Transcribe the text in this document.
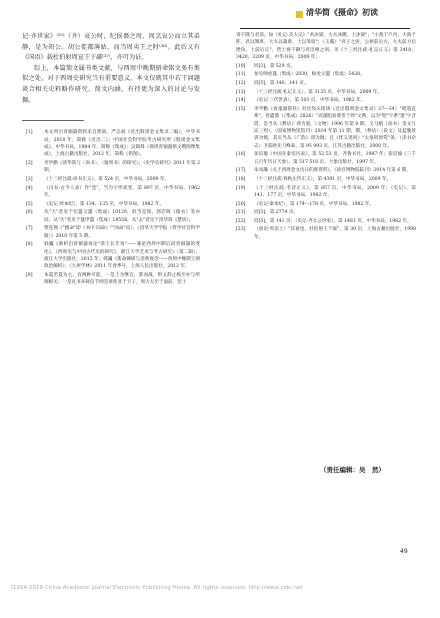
清华简《摄命》初读

记·齐世家》⁽²⁵⁾（齐）哀公时，纪侯谮之周，周烹哀公而立其弟静，是为胡公。胡公徙都薄姑，而当周夷王之时⁽²⁶⁾。此后又有《国语》载杜伯射周宣王于鄗⁽²⁷⁾，亦可为证。

综上，本篇简文属书类文献，与西周中晚期册命铭文多有类似之处，对于西周史研究当有重要意义。本文仅就其中若干问题谈合相关史料略作研究，简文内涵，有待更为深入的讨论与发掘。

[1]	本文所引青铜器资料未自然简，严志斌《近出殷周金文集录二编》，中华书局，2010 年，简称《近出二》；中国社会科学院考古研究所《殷周金文集成》，中华书局，1984 年，简称《集成》；吴镇烽《商周青铜器铭文暨图像集成》，上海古籍出版社，2012 年，简称《铭图》。
[2]	李学勤《清华简与〈尚书〉、〈逸周书〉的研究》，《史学史研究》2011 年第 2 期。
[3]	《十三经注疏·尚书正义》，第 524 页，中华书局，2009 年。
[4]	（汉书·古今人表）作"党"，当为字形讹变，第 897 页，中华书局，1962 年。
[5]	《史记·周本纪》，第 134、135 页，中华书局，1982 年。
[6]	从"大"者见于伯簋父盨（集成）10129，似当是简，郭店简《缁衣》等亦同。从"失"者见于簋甲盨（集成）19558，从"去"者见于清华简《楚居》。
[7]	贾连翔《"摄命"即《书序·冏命》""冏命"说》，《清华大学学报（哲学社会科学版）》2018 年第 5 期。
[8]	韩巍《新析出青铜器再论"恭王长年说"——兼论西周中期后段青铜器的变化》，《西周史与中国古代史的研究》，浙江大学艺术与考古研究》（第二辑），浙江大学出版社，2015 年；韩巍《新命镈研与金新观念——西周中晚期王朝政治解析》，《九州学林》2011 年春季号，上海人民出版社，2012 年。
[9]	本篇若夏为主，有两种可能，一是土为继官，掌而战，则文辞止纵至亦与所阐相关；一是礼书多载仪节则是讲俟亚于天子，周大夫至于面前，但土
寄不隆与君前。如《礼记·丧大记》"君沐梁，大夫沐稷，士沐梁"；"小敛于户内，大敛于阼。君以簟席，大夫以蒲席，士以苇席"；《玉藻》"君子之居，公侯前后方，大夫前方后挫角，士前后正"。皆士视不御与君臣相之别。见《十三经注疏·礼记正义》第 3418、3420、3209 页，中华书局，2009 年。
[10]	同[3]，第 529 页。
[11]	参见师虎簋（集成）2830，师虎父盨（集成）5428。
[12]	同[5]，第 140、141 页。
[13]	（十三经注疏·礼记正义），第 3135 页，中华书局，2009 年。
[14]	（史记·三代世表），第 503 页，中华书局，1982 年。
[15]	李学勤《夜鬼器铭补》对比埙夫铭铸《近出殷周金文集录》27—34）"昭遗直系"。曾鑫鼎（《集成》2826）"高谨阻易谟善于周"文例，以为"昭"字系"遗"字音借，是当从《释诂》训为遗，（文物）1996 年第 9 期。又马植（尚书）金文互证三则），（国家博物馆馆刊）2014 年第 11 期，期，（释诂）（说文）及蓝腹曾训为慎，其实当从《广韵》训为傲；且《忧义进同》"太豪刑原赏"条，（读书杂志）卫茹欧先刀峰泰，第 95 993 页，江苏古籍出版社，2000 年。
[16]	张培瑜《中国先秦史历表》，第 52 53 页，齐鲁书社，1987 年；张培瑜《三千五百年历日天象》，第 517 518 页，大象出版社，1997 年。
[17]	朱凤瀚《关于西周金文历日的新资料》，《故宫博物院院刊》2014 年第 6 期。
[18]	（十三经注疏·春秋左传正义），第 4391 页，中华书局，2009 年。
[19]	《十三经注疏·毛诗正义》，第 857 页，中华书局，2009 年；《史记》，第 141、177 页，中华书局，1982 年。
[20]	（史记·秦本纪），第 174—178 页，中华书局，1982 年。
[21]	同[3]，第 2774 页。
[22]	同[5]，第 141 页；（史记·齐太公世家），第 1481 页，中华书局，1982 年。
[23]	（国语·周语上）"其衰也，杜伯射王于鄗"，第 30 页，上海古籍出版社，1998 年。
（责任编辑：吴　然）
49
?1994-2018 China Academic Journal Electronic Publishing House. All rights reserved. http://www.cnki.net
